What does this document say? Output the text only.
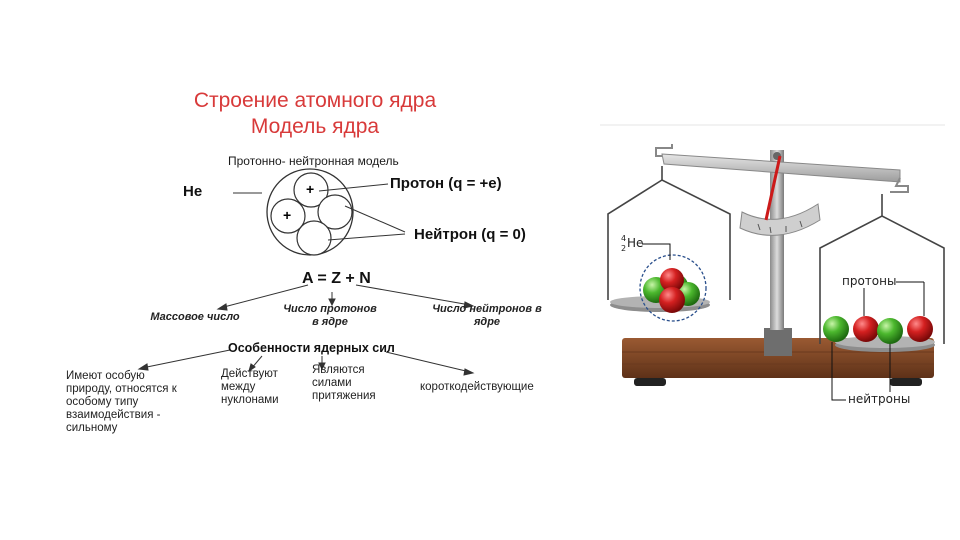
Строение атомного ядра
Модель ядра
Протонно- нейтронная модель
+
+
He	Протон (q = +e)
Нейтрон (q = 0)
A = Z + N
Массовое число
Число протонов
в ядре
Число нейтронов в
ядре
Особенности ядерных сил
Имеют особую
природу, относятся к
особому типу
взаимодействия -
сильному
Действуют
между
нуклонами
Являются
силами
притяжения
короткодействующие
4
2 He
протоны
нейтроны
